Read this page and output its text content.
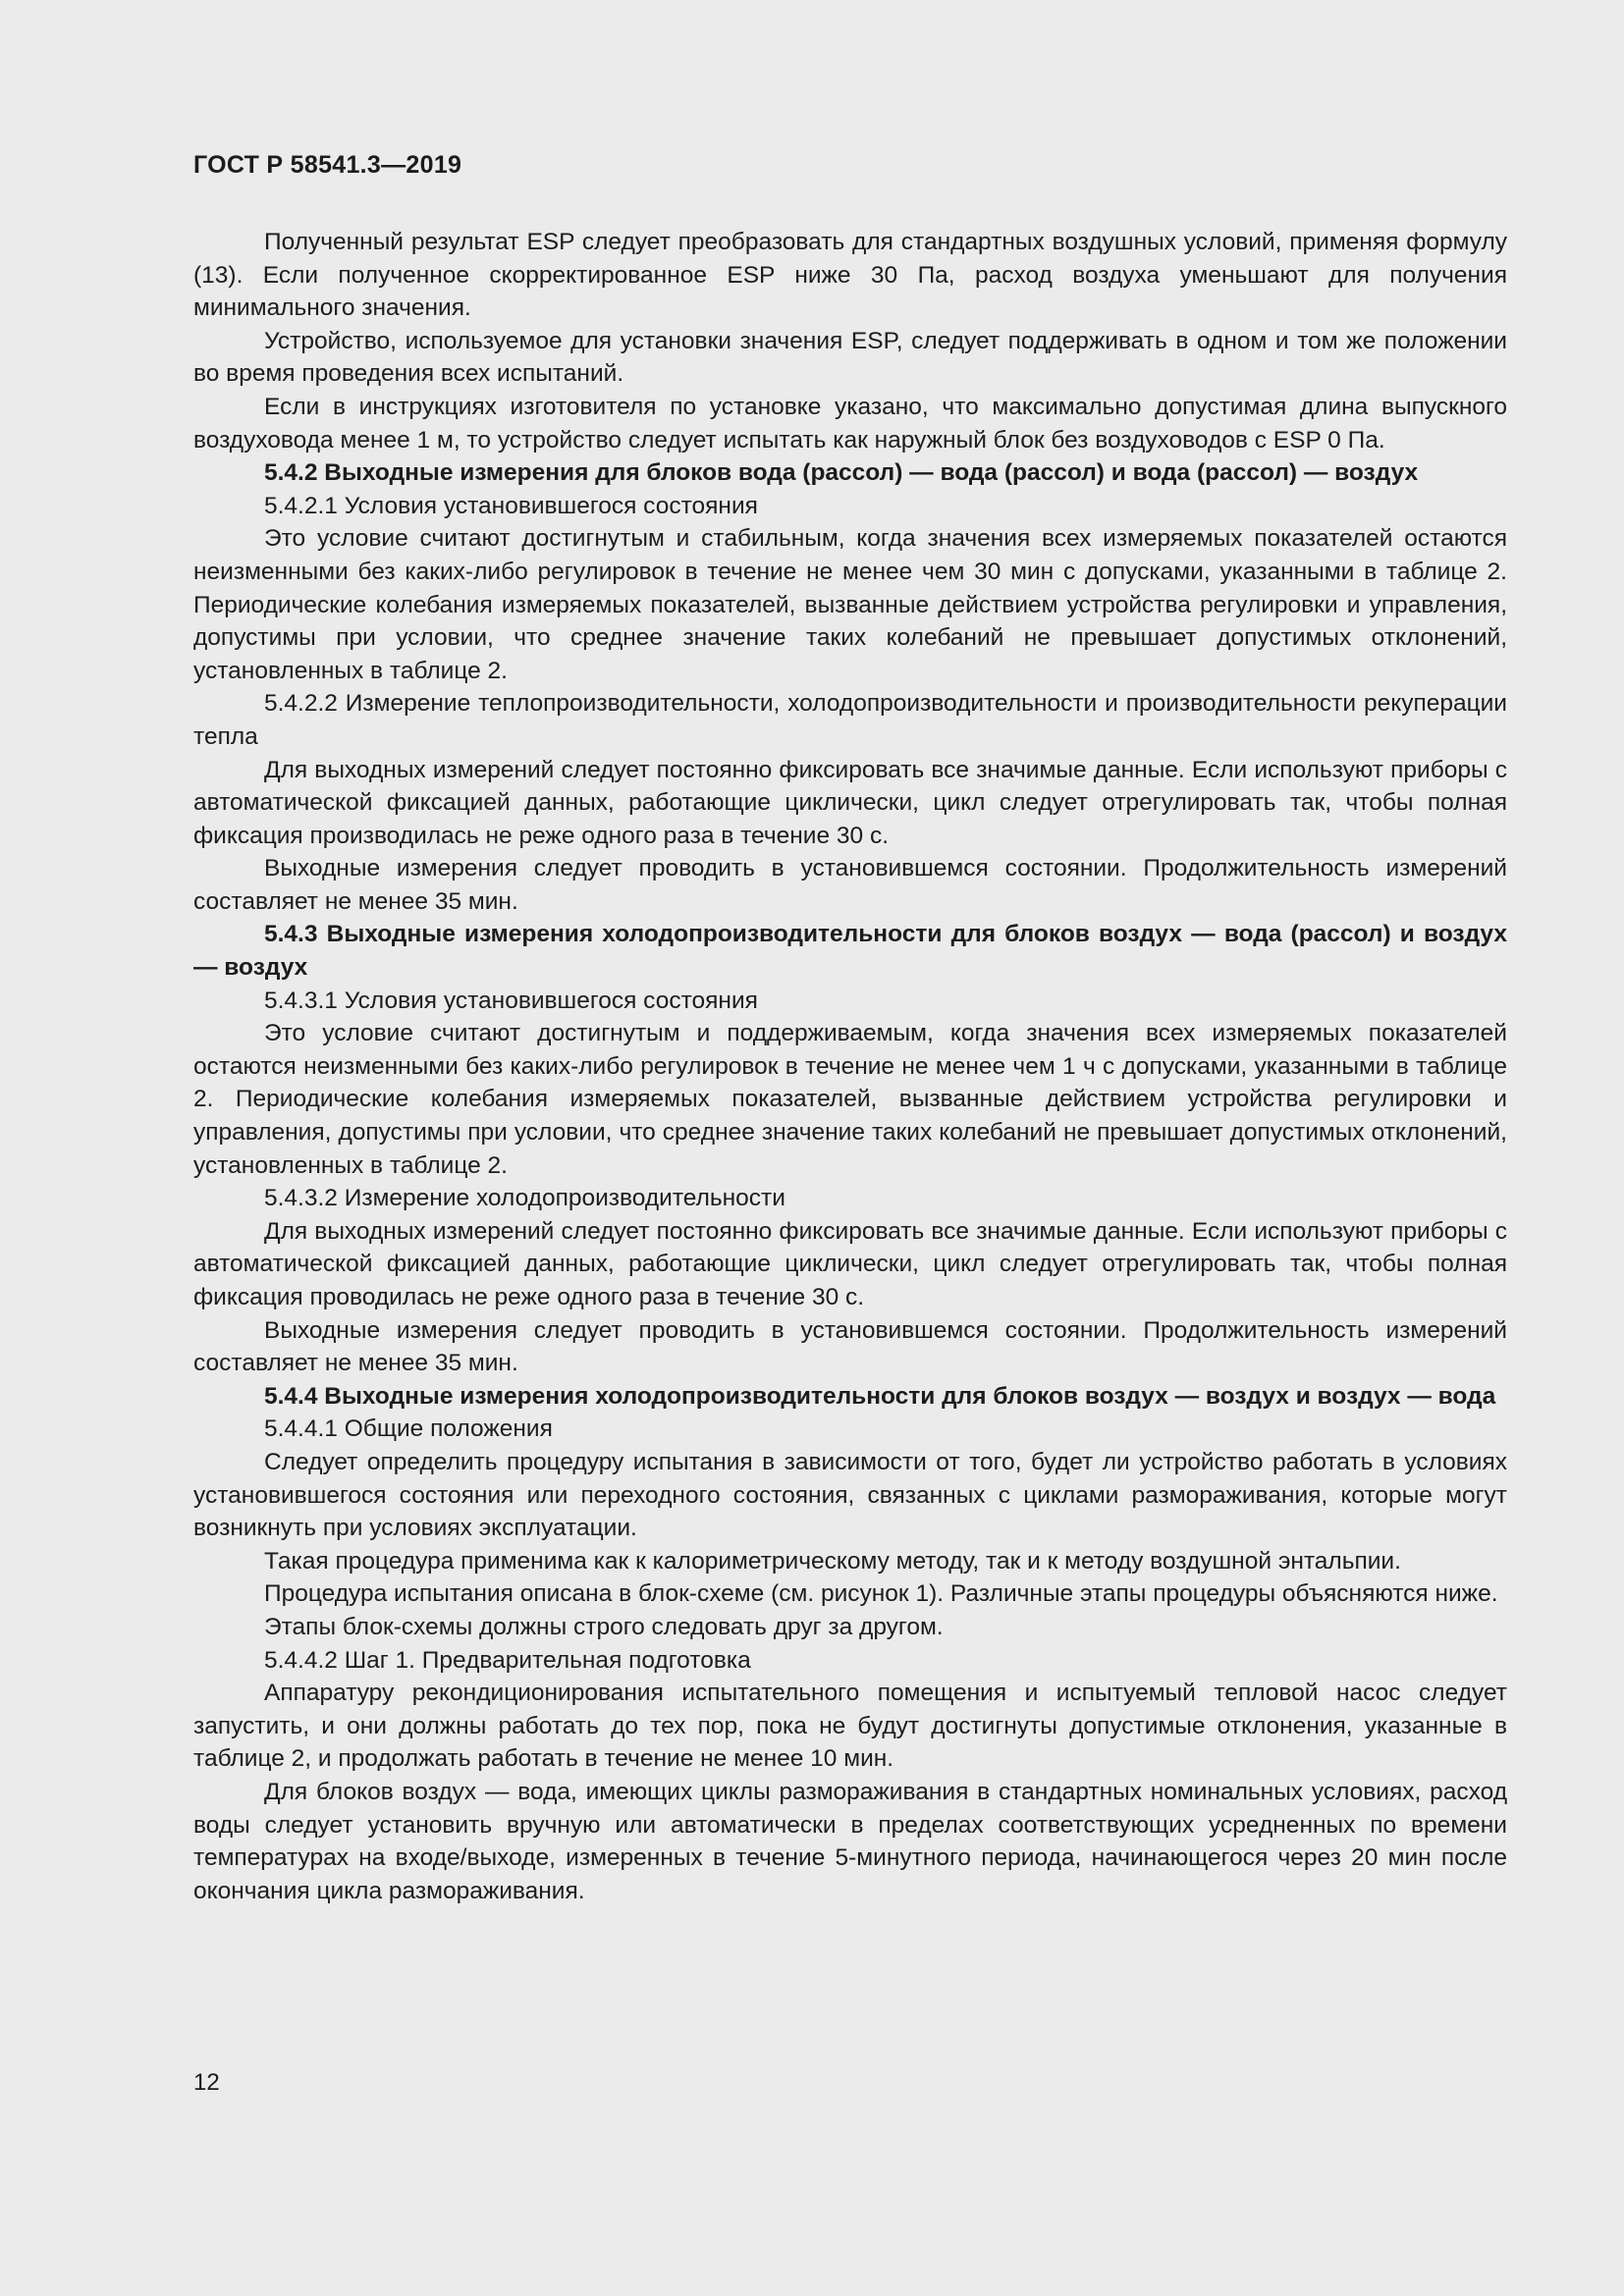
ГОСТ Р 58541.3—2019

Полученный результат ESP следует преобразовать для стандартных воздушных условий, применяя формулу (13). Если полученное скорректированное ESP ниже 30 Па, расход воздуха уменьшают для получения минимального значения.

Устройство, используемое для установки значения ESP, следует поддерживать в одном и том же положении во время проведения всех испытаний.

Если в инструкциях изготовителя по установке указано, что максимально допустимая длина выпускного воздуховода менее 1 м, то устройство следует испытать как наружный блок без воздуховодов с ESP 0 Па.

5.4.2 Выходные измерения для блоков вода (рассол) — вода (рассол) и вода (рассол) — воздух

5.4.2.1 Условия установившегося состояния

Это условие считают достигнутым и стабильным, когда значения всех измеряемых показателей остаются неизменными без каких-либо регулировок в течение не менее чем 30 мин с допусками, указанными в таблице 2. Периодические колебания измеряемых показателей, вызванные действием устройства регулировки и управления, допустимы при условии, что среднее значение таких колебаний не превышает допустимых отклонений, установленных в таблице 2.

5.4.2.2 Измерение теплопроизводительности, холодопроизводительности и производительности рекуперации тепла

Для выходных измерений следует постоянно фиксировать все значимые данные. Если используют приборы с автоматической фиксацией данных, работающие циклически, цикл следует отрегулировать так, чтобы полная фиксация производилась не реже одного раза в течение 30 с.

Выходные измерения следует проводить в установившемся состоянии. Продолжительность измерений составляет не менее 35 мин.

5.4.3 Выходные измерения холодопроизводительности для блоков воздух — вода (рассол) и воздух — воздух

5.4.3.1 Условия установившегося состояния

Это условие считают достигнутым и поддерживаемым, когда значения всех измеряемых показателей остаются неизменными без каких-либо регулировок в течение не менее чем 1 ч с допусками, указанными в таблице 2. Периодические колебания измеряемых показателей, вызванные действием устройства регулировки и управления, допустимы при условии, что среднее значение таких колебаний не превышает допустимых отклонений, установленных в таблице 2.

5.4.3.2 Измерение холодопроизводительности

Для выходных измерений следует постоянно фиксировать все значимые данные. Если используют приборы с автоматической фиксацией данных, работающие циклически, цикл следует отрегулировать так, чтобы полная фиксация проводилась не реже одного раза в течение 30 с.

Выходные измерения следует проводить в установившемся состоянии. Продолжительность измерений составляет не менее 35 мин.

5.4.4 Выходные измерения холодопроизводительности для блоков воздух — воздух и воздух — вода

5.4.4.1 Общие положения

Следует определить процедуру испытания в зависимости от того, будет ли устройство работать в условиях установившегося состояния или переходного состояния, связанных с циклами размораживания, которые могут возникнуть при условиях эксплуатации.

Такая процедура применима как к калориметрическому методу, так и к методу воздушной энтальпии.

Процедура испытания описана в блок-схеме (см. рисунок 1). Различные этапы процедуры объясняются ниже.

Этапы блок-схемы должны строго следовать друг за другом.

5.4.4.2 Шаг 1. Предварительная подготовка

Аппаратуру рекондиционирования испытательного помещения и испытуемый тепловой насос следует запустить, и они должны работать до тех пор, пока не будут достигнуты допустимые отклонения, указанные в таблице 2, и продолжать работать в течение не менее 10 мин.

Для блоков воздух — вода, имеющих циклы размораживания в стандартных номинальных условиях, расход воды следует установить вручную или автоматически в пределах соответствующих усредненных по времени температурах на входе/выходе, измеренных в течение 5-минутного периода, начинающегося через 20 мин после окончания цикла размораживания.

12
